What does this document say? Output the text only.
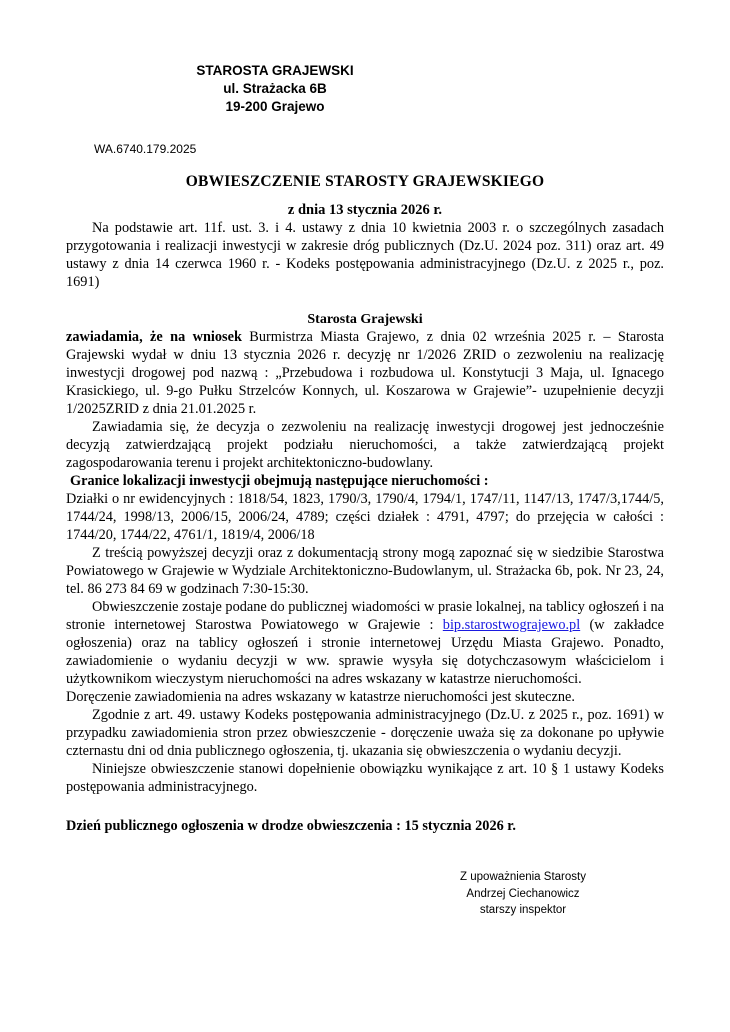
STAROSTA GRAJEWSKI
ul. Strażacka 6B
19-200 Grajewo
WA.6740.179.2025
OBWIESZCZENIE STAROSTY GRAJEWSKIEGO
z dnia 13 stycznia 2026 r.

Na podstawie art. 11f. ust. 3. i 4. ustawy z dnia 10 kwietnia 2003 r. o szczególnych zasadach przygotowania i realizacji inwestycji w zakresie dróg publicznych (Dz.U. 2024 poz. 311) oraz art. 49 ustawy z dnia 14 czerwca 1960 r. - Kodeks postępowania administracyjnego (Dz.U. z 2025 r., poz. 1691)

Starosta Grajewski

zawiadamia, że na wniosek Burmistrza Miasta Grajewo, z dnia 02 września 2025 r. – Starosta Grajewski wydał w dniu 13 stycznia 2026 r. decyzję nr 1/2026 ZRID o zezwoleniu na realizację inwestycji drogowej pod nazwą : „Przebudowa i rozbudowa ul. Konstytucji 3 Maja, ul. Ignacego Krasickiego, ul. 9-go Pułku Strzelców Konnych, ul. Koszarowa w Grajewie”- uzupełnienie decyzji 1/2025ZRID z dnia 21.01.2025 r.

Zawiadamia się, że decyzja o zezwoleniu na realizację inwestycji drogowej jest jednocześnie decyzją zatwierdzającą projekt podziału nieruchomości, a także zatwierdzającą projekt zagospodarowania terenu i projekt architektoniczno-budowlany.

Granice lokalizacji inwestycji obejmują następujące nieruchomości :

Działki o nr ewidencyjnych : 1818/54, 1823, 1790/3, 1790/4, 1794/1, 1747/11, 1147/13, 1747/3,1744/5, 1744/24, 1998/13, 2006/15, 2006/24, 4789; części działek : 4791, 4797; do przejęcia w całości : 1744/20, 1744/22, 4761/1, 1819/4, 2006/18

Z treścią powyższej decyzji oraz z dokumentacją strony mogą zapoznać się w siedzibie Starostwa Powiatowego w Grajewie w Wydziale Architektoniczno-Budowlanym, ul. Strażacka 6b, pok. Nr 23, 24, tel. 86 273 84 69 w godzinach 7:30-15:30.

Obwieszczenie zostaje podane do publicznej wiadomości w prasie lokalnej, na tablicy ogłoszeń i na stronie internetowej Starostwa Powiatowego w Grajewie : bip.starostwograjewo.pl (w zakładce ogłoszenia) oraz na tablicy ogłoszeń i stronie internetowej Urzędu Miasta Grajewo. Ponadto, zawiadomienie o wydaniu decyzji w ww. sprawie wysyła się dotychczasowym właścicielom i użytkownikom wieczystym nieruchomości na adres wskazany w katastrze nieruchomości.

Doręczenie zawiadomienia na adres wskazany w katastrze nieruchomości jest skuteczne.

Zgodnie z art. 49. ustawy Kodeks postępowania administracyjnego (Dz.U. z 2025 r., poz. 1691) w przypadku zawiadomienia stron przez obwieszczenie - doręczenie uważa się za dokonane po upływie czternastu dni od dnia publicznego ogłoszenia, tj. ukazania się obwieszczenia o wydaniu decyzji.

Niniejsze obwieszczenie stanowi dopełnienie obowiązku wynikające z art. 10 § 1 ustawy Kodeks postępowania administracyjnego.

Dzień publicznego ogłoszenia w drodze obwieszczenia : 15 stycznia 2026 r.
Z upoważnienia Starosty
Andrzej Ciechanowicz
starszy inspektor
